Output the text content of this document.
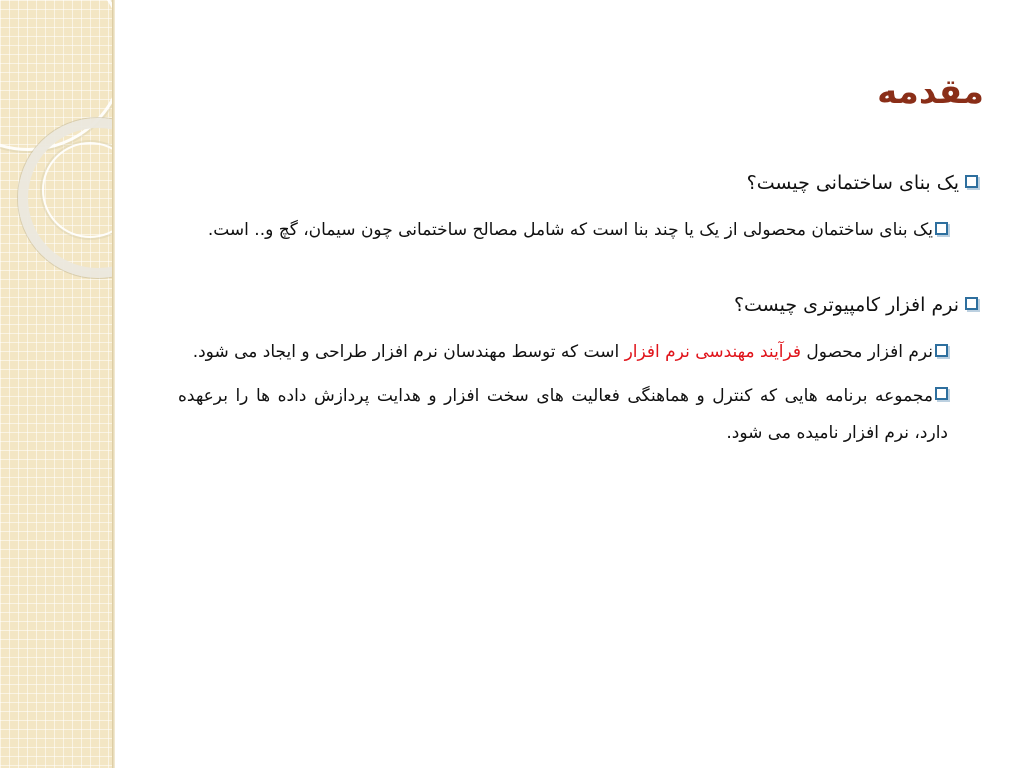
مقدمه

یک بنای ساختمانی چیست؟

یک بنای ساختمان محصولی از یک یا چند بنا است که شامل مصالح ساختمانی چون سیمان، گچ و.. است.

نرم افزار کامپیوتری چیست؟

نرم افزار محصول فرآیند مهندسی نرم افزار است که توسط مهندسان نرم افزار طراحی و ایجاد می شود.

مجموعه برنامه هایی که کنترل و هماهنگی فعالیت های سخت افزار و هدایت پردازش داده ها را برعهده دارد، نرم افزار نامیده می شود.
